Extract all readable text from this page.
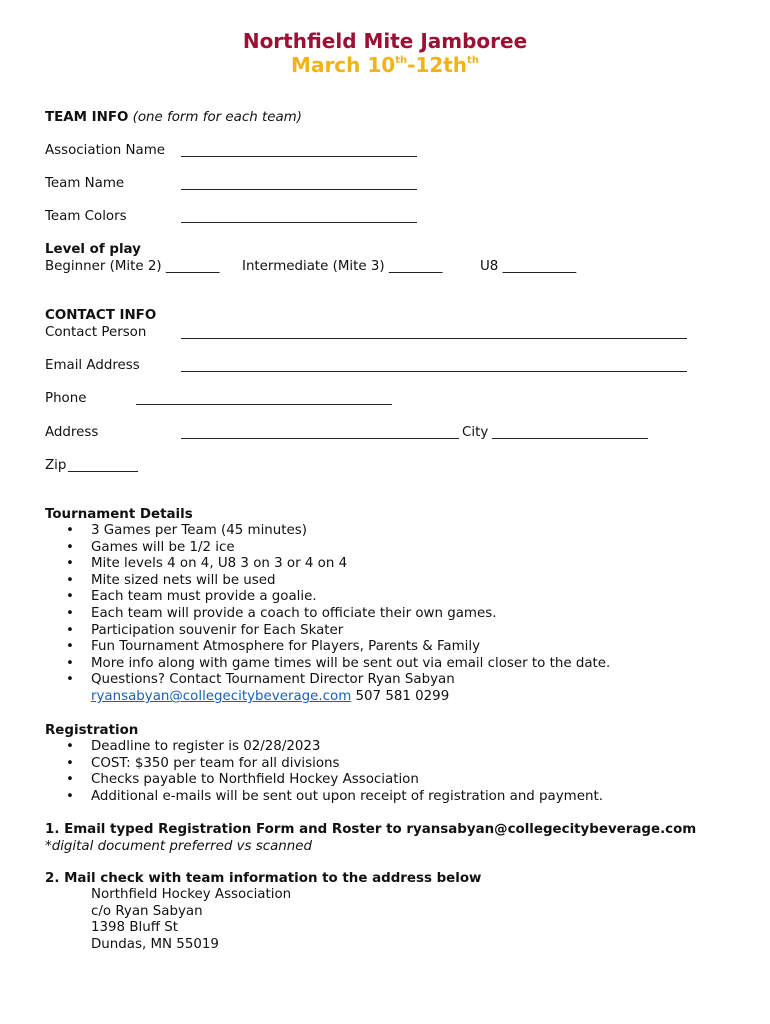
Northfield Mite Jamboree
March $10th-12th^{th}$
TEAM INFO (one form for each team)
Association Name
Team Name
Team Colors
Level of play
Beginner (Mite 2) ________ Intermediate (Mite 3) ________	U8 ___________
CONTACT INFO
Contact Person
Email Address
Phone
Address	City
Zip
Tournament Details
• 3 Games per Team (45 minutes)
• Games will be 1/2 ice
• Mite levels 4 on 4, U8 3 on 3 or 4 on 4
• Mite sized nets will be used
• Each team must provide a goalie.
• Each team will provide a coach to officiate their own games.
• Participation souvenir for Each Skater
• Fun Tournament Atmosphere for Players, Parents & Family
• More info along with game times will be sent out via email closer to the date.
• Questions? Contact Tournament Director Ryan Sabyan
ryansabyan@collegecitybeverage.com 507 581 0299
Registration
• Deadline to register is 02/28/2023
• COST: $350 per team for all divisions
• Checks payable to Northfield Hockey Association
• Additional e-mails will be sent out upon receipt of registration and payment.
1. Email typed Registration Form and Roster to ryansabyan@collegecitybeverage.com
*digital document preferred vs scanned
2. Mail check with team information to the address below
Northfield Hockey Association
c/o Ryan Sabyan
1398 Bluff St
Dundas, MN 55019
